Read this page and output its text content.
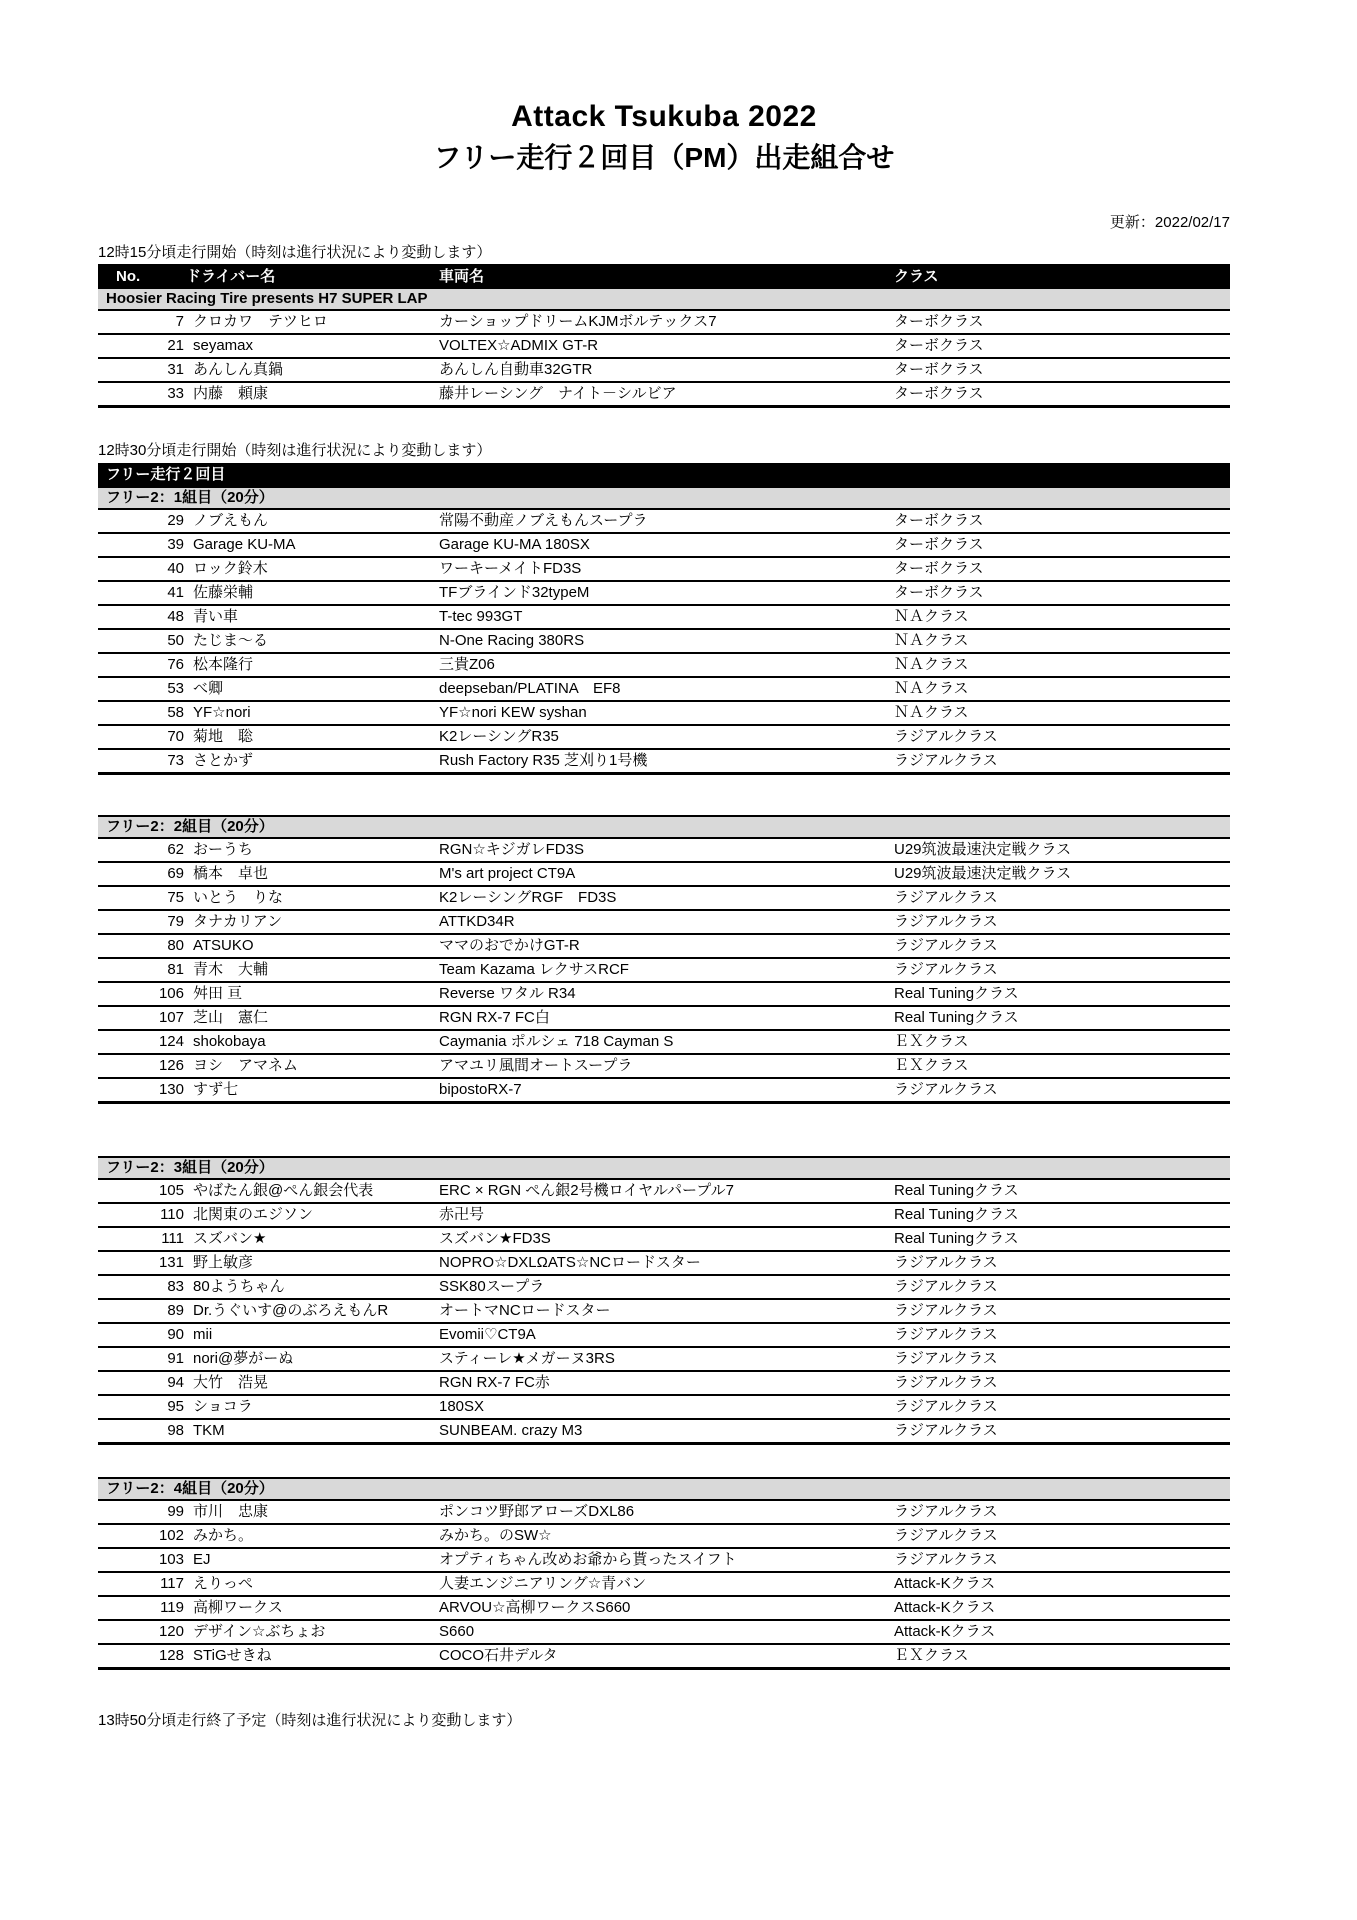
Attack Tsukuba 2022
フリー走行２回目（PM）出走組合せ
更新：2022/02/17
12時15分頃走行開始（時刻は進行状況により変動します）
No.	ドライバー名	車両名	クラス
Hoosier Racing Tire presents H7 SUPER LAP
7 クロカワ　テツヒロ	カーショップドリームKJMボルテックス7	ターボクラス
21 seyamax	VOLTEX☆ADMIX GT-R	ターボクラス
31 あんしん真鍋	あんしん自動車32GTR	ターボクラス
33 内藤　頼康	藤井レーシング　ナイト－シルビア	ターボクラス
12時30分頃走行開始（時刻は進行状況により変動します）
フリー走行２回目
フリー2：1組目（20分）
29 ノブえもん	常陽不動産ノブえもんスープラ	ターボクラス
39 Garage KU-MA	Garage KU-MA 180SX	ターボクラス
40 ロック鈴木	ワーキーメイトFD3S	ターボクラス
41 佐藤栄輔	TFブラインド32typeM	ターボクラス
48 青い車	T-tec 993GT	ＮＡクラス
50 たじま～る	N-One Racing 380RS	ＮＡクラス
76 松本隆行	三貴Z06	ＮＡクラス
53 べ卿	deepseban/PLATINA　EF8	ＮＡクラス
58 YF☆nori	YF☆nori KEW syshan	ＮＡクラス
70 菊地　聡	K2レーシングR35	ラジアルクラス
73 さとかず	Rush Factory R35 芝刈り1号機	ラジアルクラス
フリー2：2組目（20分）
62 おーうち	RGN☆キジガレFD3S	U29筑波最速決定戦クラス
69 橋本　卓也	M's art project CT9A	U29筑波最速決定戦クラス
75 いとう　りな	K2レーシングRGF　FD3S	ラジアルクラス
79 タナカリアン	ATTKD34R	ラジアルクラス
80 ATSUKO	ママのおでかけGT-R	ラジアルクラス
81 青木　大輔	Team Kazama レクサスRCF	ラジアルクラス
106 舛田 亘	Reverse ワタル R34	Real Tuningクラス
107 芝山　憲仁	RGN RX-7 FC白	Real Tuningクラス
124 shokobaya	Caymania ポルシェ 718 Cayman S	ＥＸクラス
126 ヨシ　アマネム	アマユリ風間オートスープラ	ＥＸクラス
130 すず七	bipostoRX-7	ラジアルクラス
フリー2：3組目（20分）
105 やばたん銀@ぺん銀会代表	ERC × RGN ぺん銀2号機ロイヤルパープル7	Real Tuningクラス
110 北関東のエジソン	赤卍号	Real Tuningクラス
111 スズバン★	スズバン★FD3S	Real Tuningクラス
131 野上敏彦	NOPRO☆DXLΩATS☆NCロードスター	ラジアルクラス
83 80ようちゃん	SSK80スープラ	ラジアルクラス
89 Dr.うぐいす@のぶろえもんR	オートマNCロードスター	ラジアルクラス
90 mii	Evomii♡CT9A	ラジアルクラス
91 nori@夢がーぬ	スティーレ★メガーヌ3RS	ラジアルクラス
94 大竹　浩晃	RGN RX-7 FC赤	ラジアルクラス
95 ショコラ	180SX	ラジアルクラス
98 TKM	SUNBEAM. crazy M3	ラジアルクラス
フリー2：4組目（20分）
99 市川　忠康	ポンコツ野郎アローズDXL86	ラジアルクラス
102 みかち。	みかち。のSW☆	ラジアルクラス
103 EJ	オプティちゃん改めお爺から貰ったスイフト	ラジアルクラス
117 えりっぺ	人妻エンジニアリング☆青バン	Attack-Kクラス
119 高柳ワークス	ARVOU☆高柳ワークスS660	Attack-Kクラス
120 デザイン☆ぶちょお	S660	Attack-Kクラス
128 STiGせきね	COCO石井デルタ	ＥＸクラス
13時50分頃走行終了予定（時刻は進行状況により変動します）
